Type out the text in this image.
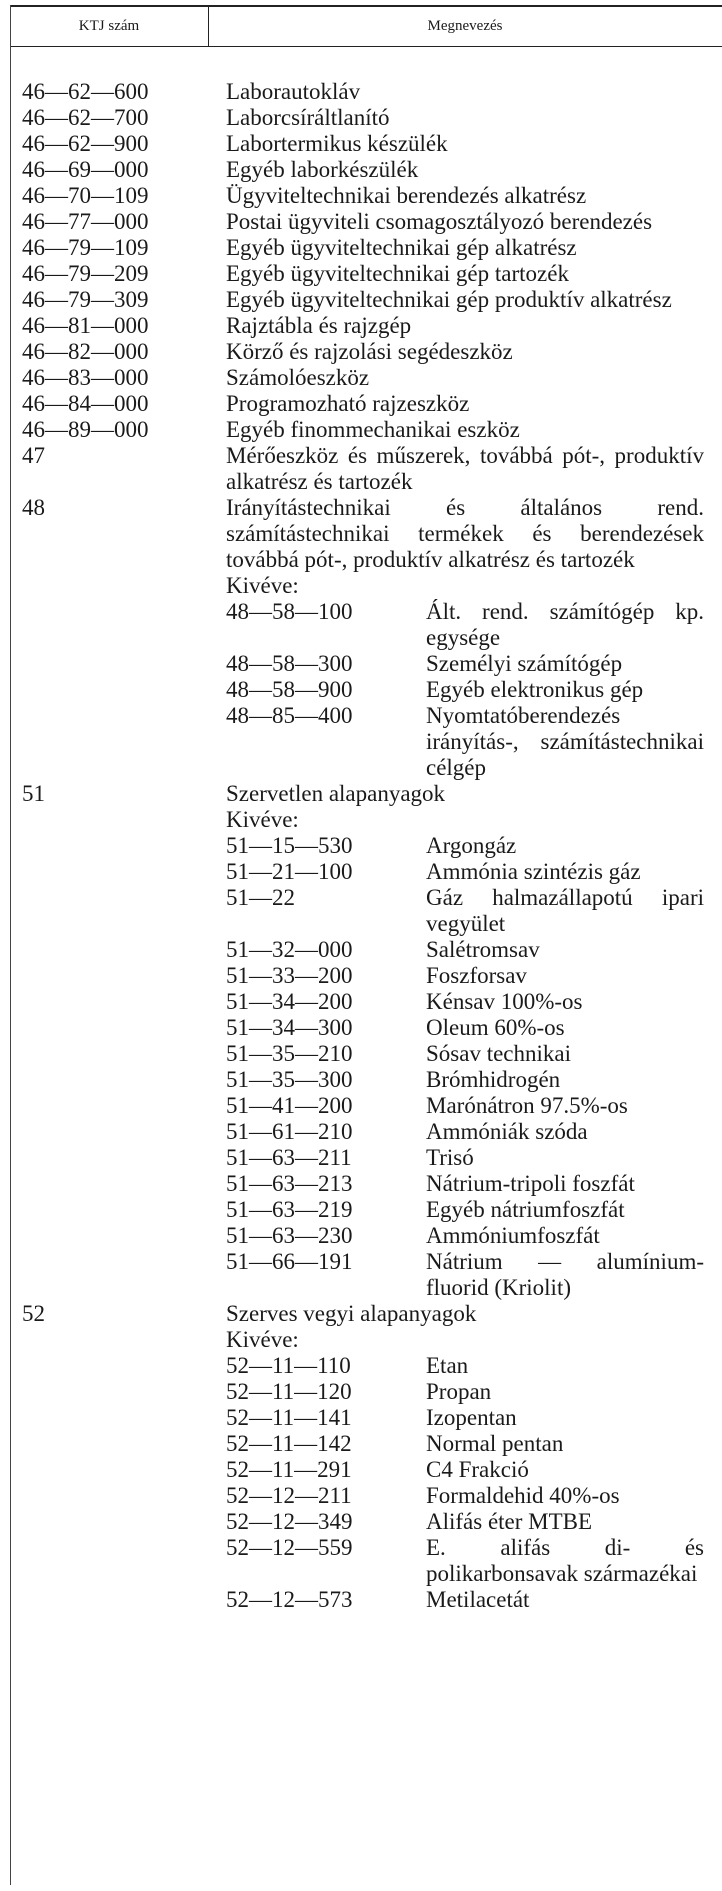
KTJ szám	Megnevezés
46—62—600	Laborautokláv
46—62—700	Laborcsíráltlanító
46—62—900	Labortermikus készülék
46—69—000	Egyéb laborkészülék
46—70—109	Ügyviteltechnikai berendezés alkatrész
46—77—000	Postai ügyviteli csomagosztályozó berendezés
46—79—109	Egyéb ügyviteltechnikai gép alkatrész
46—79—209	Egyéb ügyviteltechnikai gép tartozék
46—79—309	Egyéb ügyviteltechnikai gép produktív alkatrész
46—81—000	Rajztábla és rajzgép
46—82—000	Körző és rajzolási segédeszköz
46—83—000	Számolóeszköz
46—84—000	Programozható rajzeszköz
46—89—000	Egyéb finommechanikai eszköz
47	Mérőeszköz és műszerek, továbbá pót-, produktív alkatrész és tartozék
48	Irányítástechnikai és általános rend. számítástechnikai termékek és berendezések továbbá pót-, produktív alkatrész és tartozék
Kivéve:
48—58—100	Ált. rend. számítógép kp. egysége
48—58—300	Személyi számítógép
48—58—900	Egyéb elektronikus gép
48—85—400	Nyomtatóberendezés irányítás-, számítástechnikai célgép
51	Szervetlen alapanyagok
Kivéve:
51—15—530	Argongáz
51—21—100	Ammónia szintézis gáz
51—22	Gáz halmazállapotú ipari vegyület
51—32—000	Salétromsav
51—33—200	Foszforsav
51—34—200	Kénsav 100%-os
51—34—300	Oleum 60%-os
51—35—210	Sósav technikai
51—35—300	Brómhidrogén
51—41—200	Marónátron 97.5%-os
51—61—210	Ammóniák szóda
51—63—211	Trisó
51—63—213	Nátrium-tripoli foszfát
51—63—219	Egyéb nátriumfoszfát
51—63—230	Ammóniumfoszfát
51—66—191	Nátrium — alumínium-fluorid (Kriolit)
52	Szerves vegyi alapanyagok
Kivéve:
52—11—110	Etan
52—11—120	Propan
52—11—141	Izopentan
52—11—142	Normal pentan
52—11—291	C4 Frakció
52—12—211	Formaldehid 40%-os
52—12—349	Alifás éter MTBE
52—12—559	E. alifás di- és polikarbonsavak származékai
52—12—573	Metilacetát
